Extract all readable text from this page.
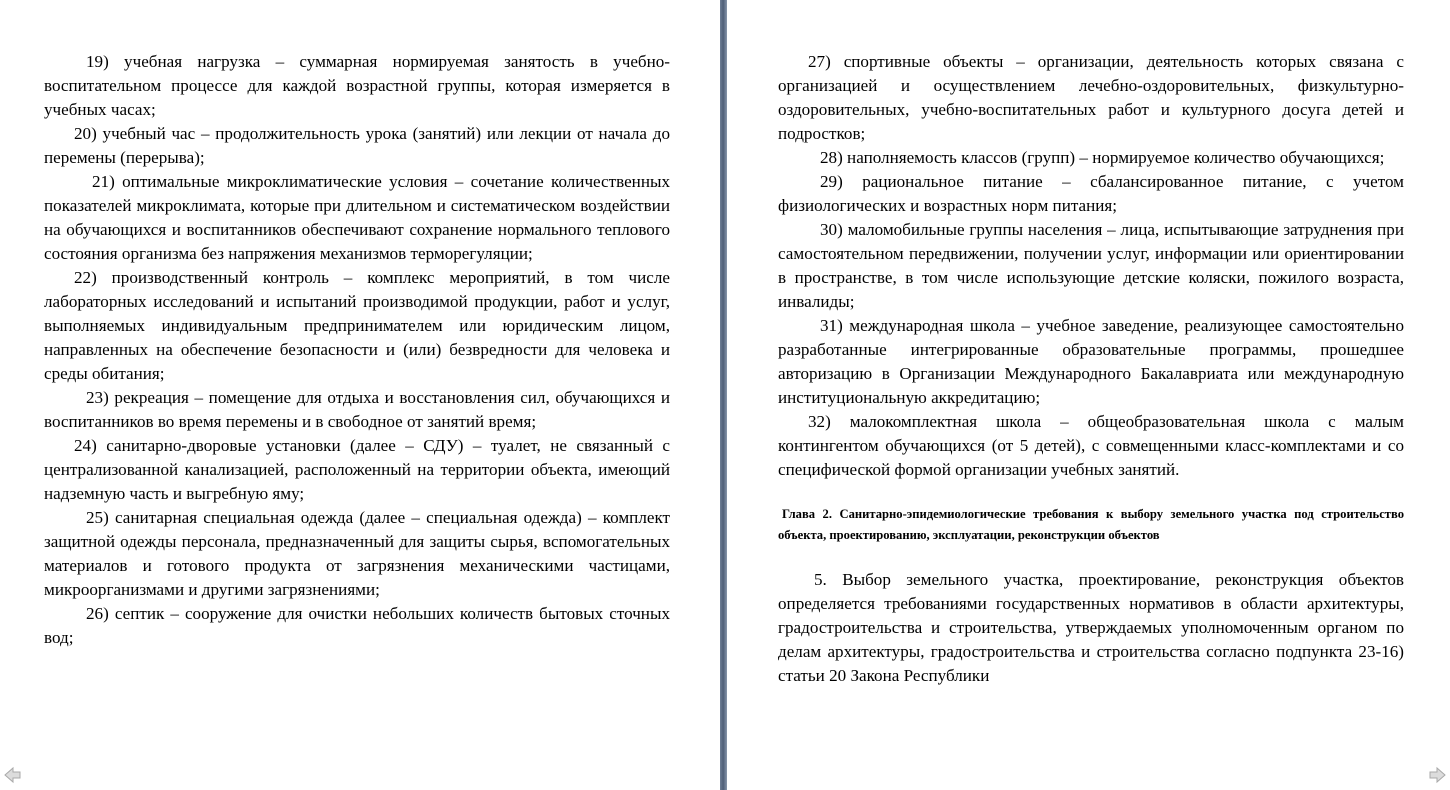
19) учебная нагрузка – суммарная нормируемая занятость в учебно-воспитательном процессе для каждой возрастной группы, которая измеряется в учебных часах;

20) учебный час – продолжительность урока (занятий) или лекции от начала до перемены (перерыва);

21) оптимальные микроклиматические условия – сочетание количественных показателей микроклимата, которые при длительном и систематическом воздействии на обучающихся и воспитанников обеспечивают сохранение нормального теплового состояния организма без напряжения механизмов терморегуляции;

22) производственный контроль – комплекс мероприятий, в том числе лабораторных исследований и испытаний производимой продукции, работ и услуг, выполняемых индивидуальным предпринимателем или юридическим лицом, направленных на обеспечение безопасности и (или) безвредности для человека и среды обитания;

23) рекреация – помещение для отдыха и восстановления сил, обучающихся и воспитанников во время перемены и в свободное от занятий время;

24) санитарно-дворовые установки (далее – СДУ) – туалет, не связанный с централизованной канализацией, расположенный на территории объекта, имеющий надземную часть и выгребную яму;

25) санитарная специальная одежда (далее – специальная одежда) – комплект защитной одежды персонала, предназначенный для защиты сырья, вспомогательных материалов и готового продукта от загрязнения механическими частицами, микроорганизмами и другими загрязнениями;

26) септик – сооружение для очистки небольших количеств бытовых сточных вод;

27) спортивные объекты – организации, деятельность которых связана с организацией и осуществлением лечебно-оздоровительных, физкультурно-оздоровительных, учебно-воспитательных работ и культурного досуга детей и подростков;

28) наполняемость классов (групп) – нормируемое количество обучающихся;

29) рациональное питание – сбалансированное питание, с учетом физиологических и возрастных норм питания;

30) маломобильные группы населения – лица, испытывающие затруднения при самостоятельном передвижении, получении услуг, информации или ориентировании в пространстве, в том числе использующие детские коляски, пожилого возраста, инвалиды;

31) международная школа – учебное заведение, реализующее самостоятельно разработанные интегрированные образовательные программы, прошедшее авторизацию в Организации Международного Бакалавриата или международную институциональную аккредитацию;

32) малокомплектная школа – общеобразовательная школа с малым контингентом обучающихся (от 5 детей), с совмещенными класс-комплектами и со специфической формой организации учебных занятий.

Глава 2. Санитарно-эпидемиологические требования к выбору земельного участка под строительство объекта, проектированию, эксплуатации, реконструкции объектов

5. Выбор земельного участка, проектирование, реконструкция объектов определяется требованиями государственных нормативов в области архитектуры, градостроительства и строительства, утверждаемых уполномоченным органом по делам архитектуры, градостроительства и строительства согласно подпункта 23-16) статьи 20 Закона Республики
